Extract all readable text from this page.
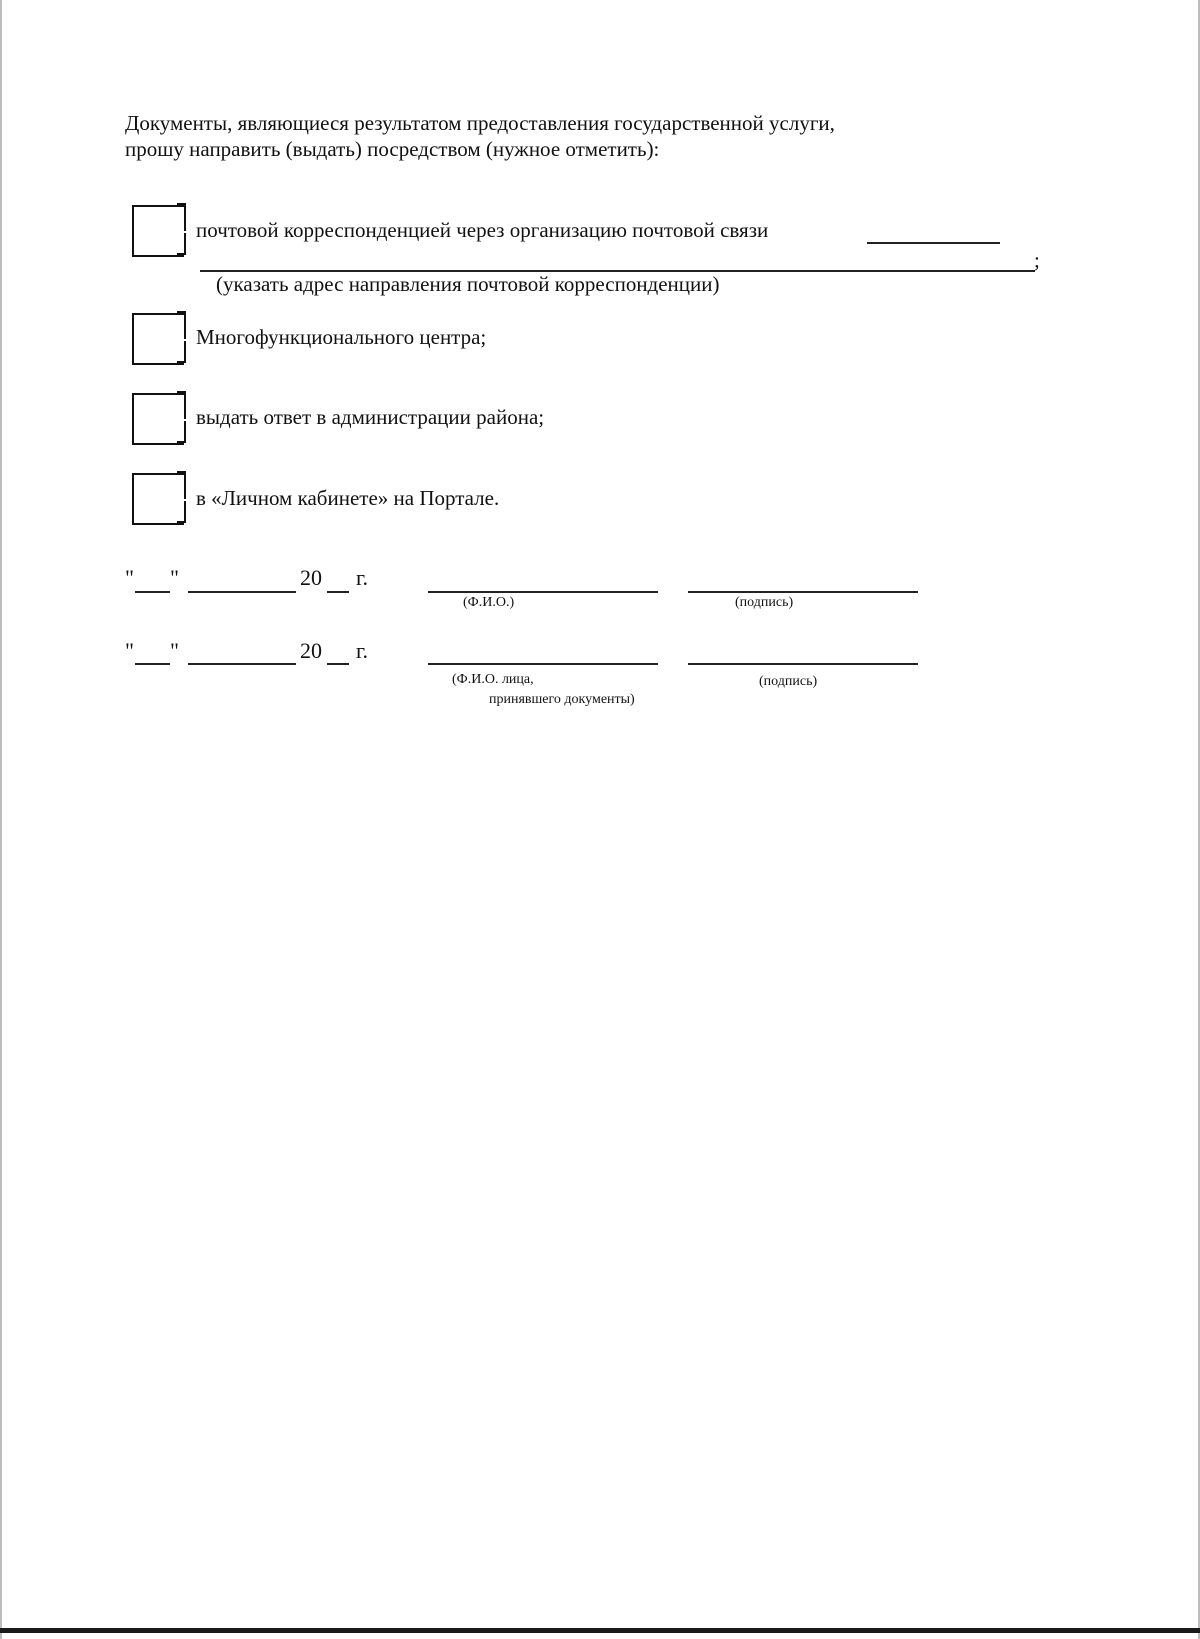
Документы, являющиеся результатом предоставления государственной услуги,
прошу направить (выдать) посредством (нужное отметить):
почтовой корреспонденцией через организацию почтовой связи
;
(указать адрес направления почтовой корреспонденции)
Многофункционального центра;
выдать ответ в администрации района;
в «Личном кабинете» на Портале.
" "	20 г.
(Ф.И.О.)	(подпись)
" "	20 г.
(Ф.И.О. лица,
принявшего документы)
(подпись)
